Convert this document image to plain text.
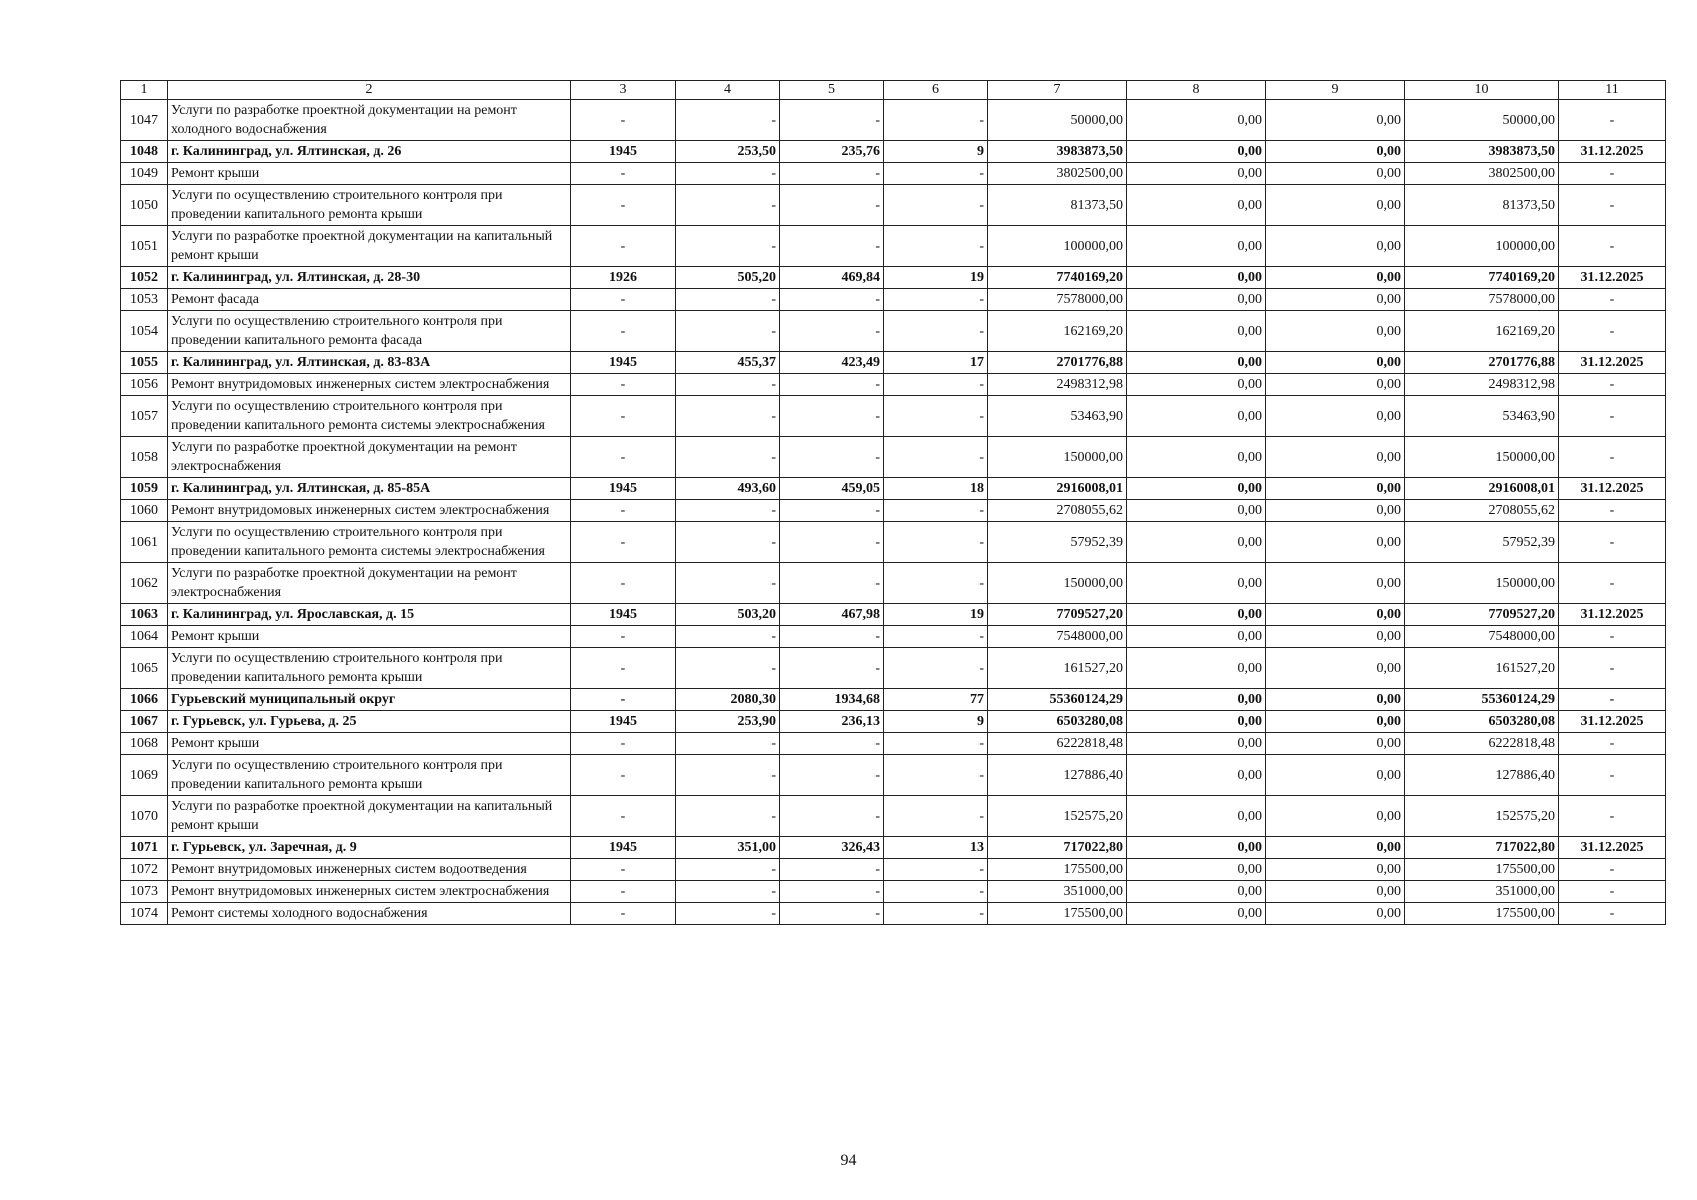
1	2	3	4	5	6	7	8	9	10	11
1047	Услуги по разработке проектной документации на ремонт холодного водоснабжения	-	-	-	-	50000,00	0,00	0,00	50000,00	-
1048	г. Калининград, ул. Ялтинская, д. 26	1945	253,50	235,76	9	3983873,50	0,00	0,00	3983873,50	31.12.2025
1049	Ремонт крыши	-	-	-	-	3802500,00	0,00	0,00	3802500,00	-
1050	Услуги по осуществлению строительного контроля при проведении капитального ремонта крыши	-	-	-	-	81373,50	0,00	0,00	81373,50	-
1051	Услуги по разработке проектной документации на капитальный ремонт крыши	-	-	-	-	100000,00	0,00	0,00	100000,00	-
1052	г. Калининград, ул. Ялтинская, д. 28-30	1926	505,20	469,84	19	7740169,20	0,00	0,00	7740169,20	31.12.2025
1053	Ремонт фасада	-	-	-	-	7578000,00	0,00	0,00	7578000,00	-
1054	Услуги по осуществлению строительного контроля при проведении капитального ремонта фасада	-	-	-	-	162169,20	0,00	0,00	162169,20	-
1055	г. Калининград, ул. Ялтинская, д. 83-83А	1945	455,37	423,49	17	2701776,88	0,00	0,00	2701776,88	31.12.2025
1056	Ремонт внутридомовых инженерных систем электроснабжения	-	-	-	-	2498312,98	0,00	0,00	2498312,98	-
1057	Услуги по осуществлению строительного контроля при проведении капитального ремонта системы электроснабжения	-	-	-	-	53463,90	0,00	0,00	53463,90	-
1058	Услуги по разработке проектной документации на ремонт электроснабжения	-	-	-	-	150000,00	0,00	0,00	150000,00	-
1059	г. Калининград, ул. Ялтинская, д. 85-85А	1945	493,60	459,05	18	2916008,01	0,00	0,00	2916008,01	31.12.2025
1060	Ремонт внутридомовых инженерных систем электроснабжения	-	-	-	-	2708055,62	0,00	0,00	2708055,62	-
1061	Услуги по осуществлению строительного контроля при проведении капитального ремонта системы электроснабжения	-	-	-	-	57952,39	0,00	0,00	57952,39	-
1062	Услуги по разработке проектной документации на ремонт электроснабжения	-	-	-	-	150000,00	0,00	0,00	150000,00	-
1063	г. Калининград, ул. Ярославская, д. 15	1945	503,20	467,98	19	7709527,20	0,00	0,00	7709527,20	31.12.2025
1064	Ремонт крыши	-	-	-	-	7548000,00	0,00	0,00	7548000,00	-
1065	Услуги по осуществлению строительного контроля при проведении капитального ремонта крыши	-	-	-	-	161527,20	0,00	0,00	161527,20	-
1066	Гурьевский муниципальный округ	-	2080,30	1934,68	77	55360124,29	0,00	0,00	55360124,29	-
1067	г. Гурьевск, ул. Гурьева, д. 25	1945	253,90	236,13	9	6503280,08	0,00	0,00	6503280,08	31.12.2025
1068	Ремонт крыши	-	-	-	-	6222818,48	0,00	0,00	6222818,48	-
1069	Услуги по осуществлению строительного контроля при проведении капитального ремонта крыши	-	-	-	-	127886,40	0,00	0,00	127886,40	-
1070	Услуги по разработке проектной документации на капитальный ремонт крыши	-	-	-	-	152575,20	0,00	0,00	152575,20	-
1071	г. Гурьевск, ул. Заречная, д. 9	1945	351,00	326,43	13	717022,80	0,00	0,00	717022,80	31.12.2025
1072	Ремонт внутридомовых инженерных систем водоотведения	-	-	-	-	175500,00	0,00	0,00	175500,00	-
1073	Ремонт внутридомовых инженерных систем электроснабжения	-	-	-	-	351000,00	0,00	0,00	351000,00	-
1074	Ремонт системы холодного водоснабжения	-	-	-	-	175500,00	0,00	0,00	175500,00	-
94
